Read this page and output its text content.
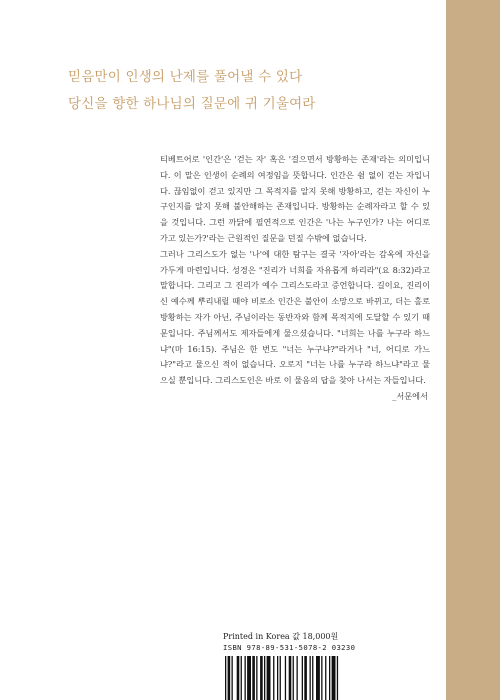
믿음만이 인생의 난제를 풀어낼 수 있다
당신을 향한 하나님의 질문에 귀 기울여라

티베트어로 '인간'은 '걷는 자' 혹은 '걸으면서 방황하는 존재'라는 의미입니다. 이 말은 인생이 순례의 여정임을 뜻합니다. 인간은 쉼 없이 걷는 자입니다. 끊임없이 걷고 있지만 그 목적지를 알지 못해 방황하고, 걷는 자신이 누구인지를 알지 못해 불안해하는 존재입니다. 방황하는 순례자라고 할 수 있을 것입니다. 그런 까닭에 필연적으로 인간은 '나는 누구인가? 나는 어디로 가고 있는가?'라는 근원적인 질문을 던질 수밖에 없습니다.

그러나 그리스도가 없는 '나'에 대한 탐구는 결국 '자아'라는 감옥에 자신을 가두게 마련입니다. 성경은 "진리가 너희를 자유롭게 하리라"(요 8:32)라고 말합니다. 그리고 그 진리가 예수 그리스도라고 증언합니다. 길이요, 진리이신 예수께 뿌리내릴 때야 비로소 인간은 불안이 소망으로 바뀌고, 더는 홀로 방황하는 자가 아닌, 주님이라는 동반자와 함께 목적지에 도달할 수 있기 때문입니다. 주님께서도 제자들에게 물으셨습니다. "너희는 나를 누구라 하느냐"(마 16:15). 주님은 한 번도 "너는 누구냐?"라거나 "너, 어디로 가느냐?"라고 물으신 적이 없습니다. 오로지 "너는 나를 누구라 하느냐"라고 물으실 뿐입니다. 그리스도인은 바로 이 물음의 답을 찾아 나서는 자들입니다.

_서문에서

Printed in Korea 값 18,000원
ISBN 978-89-531-5078-2 03230
